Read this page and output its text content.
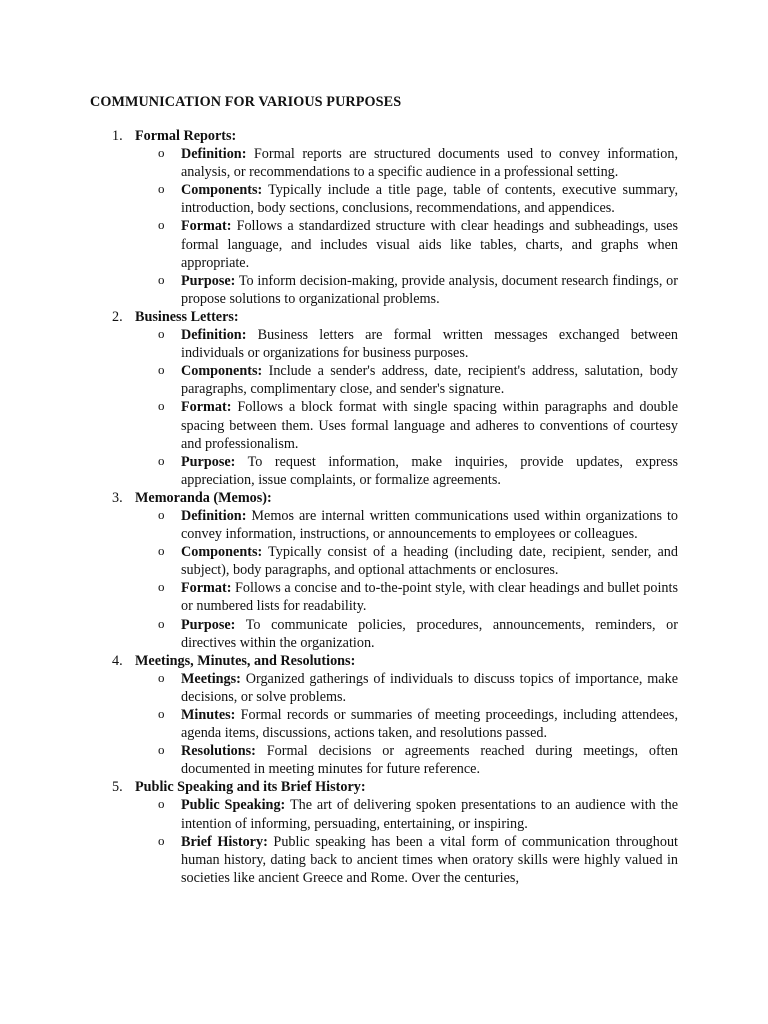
COMMUNICATION FOR VARIOUS PURPOSES
1. Formal Reports:
o Definition: Formal reports are structured documents used to convey information, analysis, or recommendations to a specific audience in a professional setting.
o Components: Typically include a title page, table of contents, executive summary, introduction, body sections, conclusions, recommendations, and appendices.
o Format: Follows a standardized structure with clear headings and subheadings, uses formal language, and includes visual aids like tables, charts, and graphs when appropriate.
o Purpose: To inform decision-making, provide analysis, document research findings, or propose solutions to organizational problems.
2. Business Letters:
o Definition: Business letters are formal written messages exchanged between individuals or organizations for business purposes.
o Components: Include a sender's address, date, recipient's address, salutation, body paragraphs, complimentary close, and sender's signature.
o Format: Follows a block format with single spacing within paragraphs and double spacing between them. Uses formal language and adheres to conventions of courtesy and professionalism.
o Purpose: To request information, make inquiries, provide updates, express appreciation, issue complaints, or formalize agreements.
3. Memoranda (Memos):
o Definition: Memos are internal written communications used within organizations to convey information, instructions, or announcements to employees or colleagues.
o Components: Typically consist of a heading (including date, recipient, sender, and subject), body paragraphs, and optional attachments or enclosures.
o Format: Follows a concise and to-the-point style, with clear headings and bullet points or numbered lists for readability.
o Purpose: To communicate policies, procedures, announcements, reminders, or directives within the organization.
4. Meetings, Minutes, and Resolutions:
o Meetings: Organized gatherings of individuals to discuss topics of importance, make decisions, or solve problems.
o Minutes: Formal records or summaries of meeting proceedings, including attendees, agenda items, discussions, actions taken, and resolutions passed.
o Resolutions: Formal decisions or agreements reached during meetings, often documented in meeting minutes for future reference.
5. Public Speaking and its Brief History:
o Public Speaking: The art of delivering spoken presentations to an audience with the intention of informing, persuading, entertaining, or inspiring.
o Brief History: Public speaking has been a vital form of communication throughout human history, dating back to ancient times when oratory skills were highly valued in societies like ancient Greece and Rome. Over the centuries,
